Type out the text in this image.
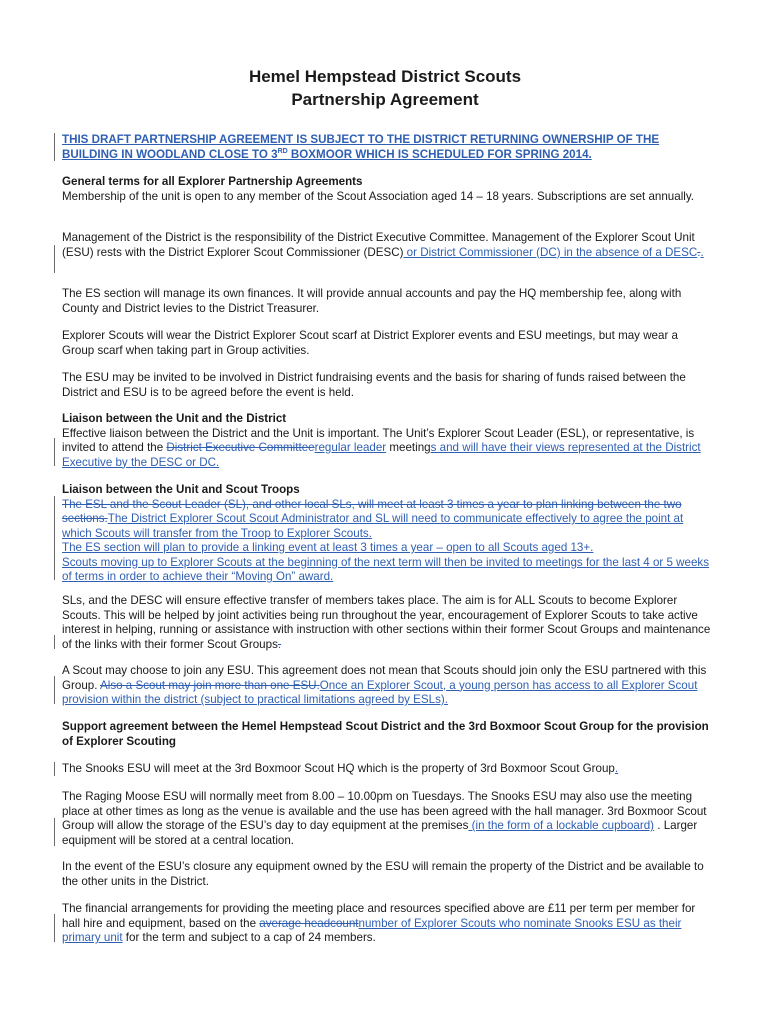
Hemel Hempstead District Scouts
Partnership Agreement
THIS DRAFT PARTNERSHIP AGREEMENT IS SUBJECT TO THE DISTRICT RETURNING OWNERSHIP OF THE BUILDING IN WOODLAND CLOSE TO 3RD BOXMOOR WHICH IS SCHEDULED FOR SPRING 2014.

General terms for all Explorer Partnership Agreements

Membership of the unit is open to any member of the Scout Association aged 14 – 18 years. Subscriptions are set annually.

Management of the District is the responsibility of the District Executive Committee. Management of the Explorer Scout Unit (ESU) rests with the District Explorer Scout Commissioner (DESC) or District Commissioner (DC) in the absence of a DESC..
The ES section will manage its own finances. It will provide annual accounts and pay the HQ membership fee, along with County and District levies to the District Treasurer.
Explorer Scouts will wear the District Explorer Scout scarf at District Explorer events and ESU meetings, but may wear a Group scarf when taking part in Group activities.
The ESU may be invited to be involved in District fundraising events and the basis for sharing of funds raised between the District and ESU is to be agreed before the event is held.

Liaison between the Unit and the District

Effective liaison between the District and the Unit is important. The Unit’s Explorer Scout Leader (ESL), or representative, is invited to attend the District Executive Committeeregular leader meetings and will have their views represented at the District Executive by the DESC or DC.

Liaison between the Unit and Scout Troops

The ESL and the Scout Leader (SL), and other local SLs, will meet at least 3 times a year to plan linking between the two sections.The District Explorer Scout Scout Administrator and SL will need to communicate effectively to agree the point at which Scouts will transfer from the Troop to Explorer Scouts.

The ES section will plan to provide a linking event at least 3 times a year – open to all Scouts aged 13+.

Scouts moving up to Explorer Scouts at the beginning of the next term will then be invited to meetings for the last 4 or 5 weeks of terms in order to achieve their “Moving On” award.

SLs, and the DESC will ensure effective transfer of members takes place. The aim is for ALL Scouts to become Explorer Scouts. This will be helped by joint activities being run throughout the year, encouragement of Explorer Scouts to take active interest in helping, running or assistance with instruction with other sections within their former Scout Groups and maintenance of the links with their former Scout Groups.
A Scout may choose to join any ESU. This agreement does not mean that Scouts should join only the ESU partnered with this Group. Also a Scout may join more than one ESU.Once an Explorer Scout, a young person has access to all Explorer Scout provision within the district (subject to practical limitations agreed by ESLs).
Support agreement between the Hemel Hempstead Scout District and the 3rd Boxmoor Scout Group for the provision of Explorer Scouting
The Snooks ESU will meet at the 3rd Boxmoor Scout HQ which is the property of 3rd Boxmoor Scout Group.
The Raging Moose ESU will normally meet from 8.00 – 10.00pm on Tuesdays. The Snooks ESU may also use the meeting place at other times as long as the venue is available and the use has been agreed with the hall manager. 3rd Boxmoor Scout Group will allow the storage of the ESU’s day to day equipment at the premises (in the form of a lockable cupboard) . Larger equipment will be stored at a central location.
In the event of the ESU’s closure any equipment owned by the ESU will remain the property of the District and be available to the other units in the District.
The financial arrangements for providing the meeting place and resources specified above are £11 per term per member for hall hire and equipment, based on the average headcountnumber of Explorer Scouts who nominate Snooks ESU as their primary unit for the term and subject to a cap of 24 members.
